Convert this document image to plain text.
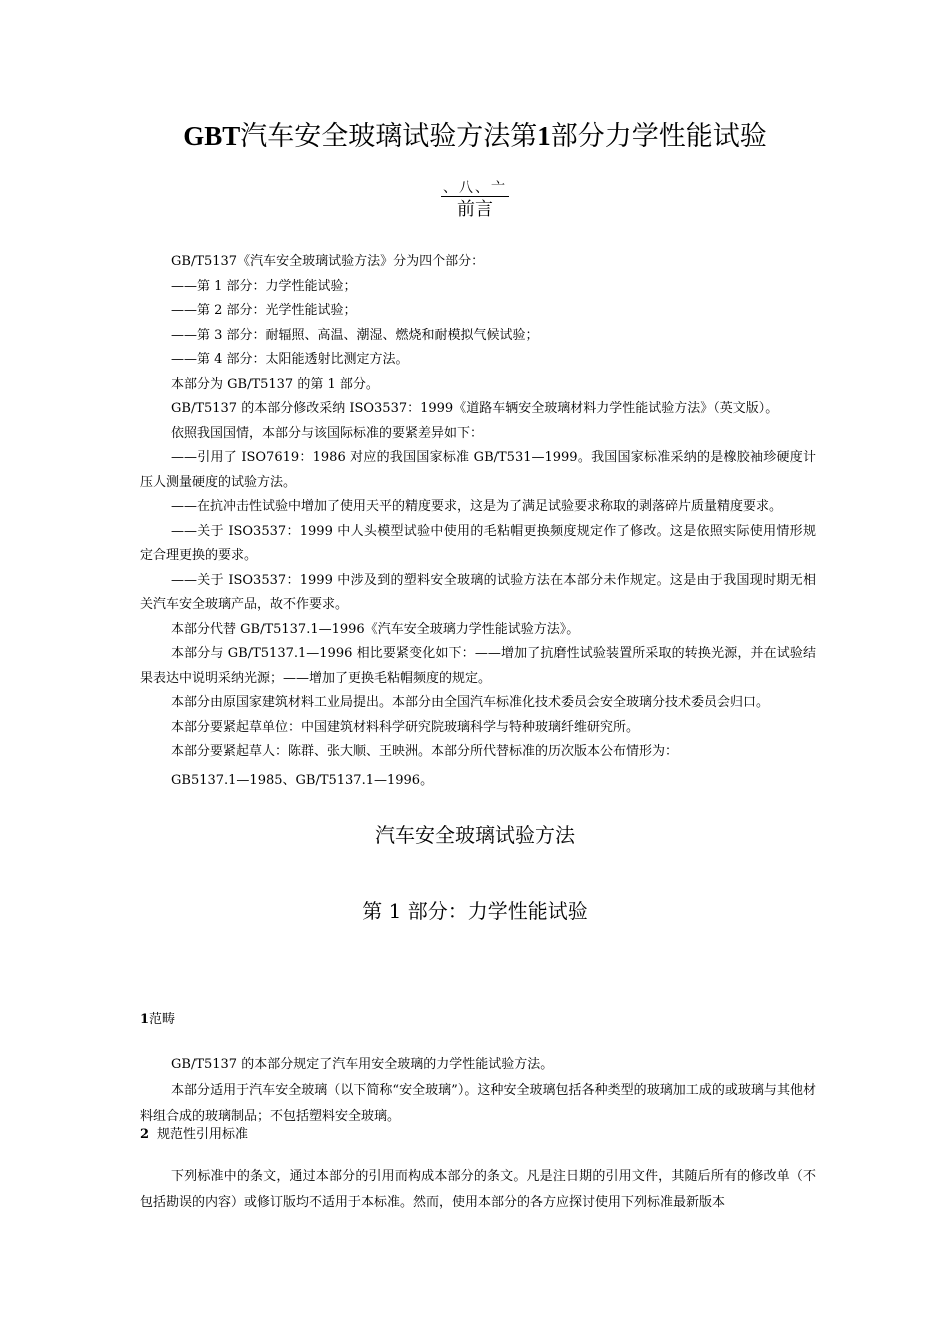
GBT汽车安全玻璃试验方法第1部分力学性能试验
、八、亠
前言

GB/T5137《汽车安全玻璃试验方法》分为四个部分：

——第 1 部分：力学性能试验；

——第 2 部分：光学性能试验；

——第 3 部分：耐辐照、高温、潮湿、燃烧和耐模拟气候试验；

——第 4 部分：太阳能透射比测定方法。

本部分为 GB/T5137 的第 1 部分。

GB/T5137 的本部分修改采纳 ISO3537：1999《道路车辆安全玻璃材料力学性能试验方法》（英文版）。

依照我国国情，本部分与该国际标准的要紧差异如下：

——引用了 ISO7619：1986 对应的我国国家标准 GB/T531—1999。我国国家标准采纳的是橡胶袖珍硬度计压人测量硬度的试验方法。

——在抗冲击性试验中增加了使用天平的精度要求，这是为了满足试验要求称取的剥落碎片质量精度要求。

——关于 ISO3537：1999 中人头模型试验中使用的毛粘帽更换频度规定作了修改。这是依照实际使用情形规定合理更换的要求。

——关于 ISO3537：1999 中涉及到的塑料安全玻璃的试验方法在本部分未作规定。这是由于我国现时期无相关汽车安全玻璃产品，故不作要求。

本部分代替 GB/T5137.1—1996《汽车安全玻璃力学性能试验方法》。

本部分与 GB/T5137.1—1996 相比要紧变化如下：——增加了抗磨性试验装置所采取的转换光源，并在试验结果表达中说明采纳光源；——增加了更换毛粘帽频度的规定。

本部分由原国家建筑材料工业局提出。本部分由全国汽车标准化技术委员会安全玻璃分技术委员会归口。

本部分要紧起草单位：中国建筑材料科学研究院玻璃科学与特种玻璃纤维研究所。

本部分要紧起草人：陈群、张大顺、王映洲。本部分所代替标准的历次版本公布情形为：

GB5137.1—1985、GB/T5137.1—1996。

汽车安全玻璃试验方法
第 1 部分：力学性能试验
1范畴

GB/T5137 的本部分规定了汽车用安全玻璃的力学性能试验方法。

本部分适用于汽车安全玻璃（以下简称“安全玻璃”）。这种安全玻璃包括各种类型的玻璃加工成的或玻璃与其他材料组合成的玻璃制品；不包括塑料安全玻璃。

2 规范性引用标准

下列标准中的条文，通过本部分的引用而构成本部分的条文。凡是注日期的引用文件，其随后所有的修改单（不包括勘误的内容）或修订版均不适用于本标准。然而，使用本部分的各方应探讨使用下列标准最新版本
